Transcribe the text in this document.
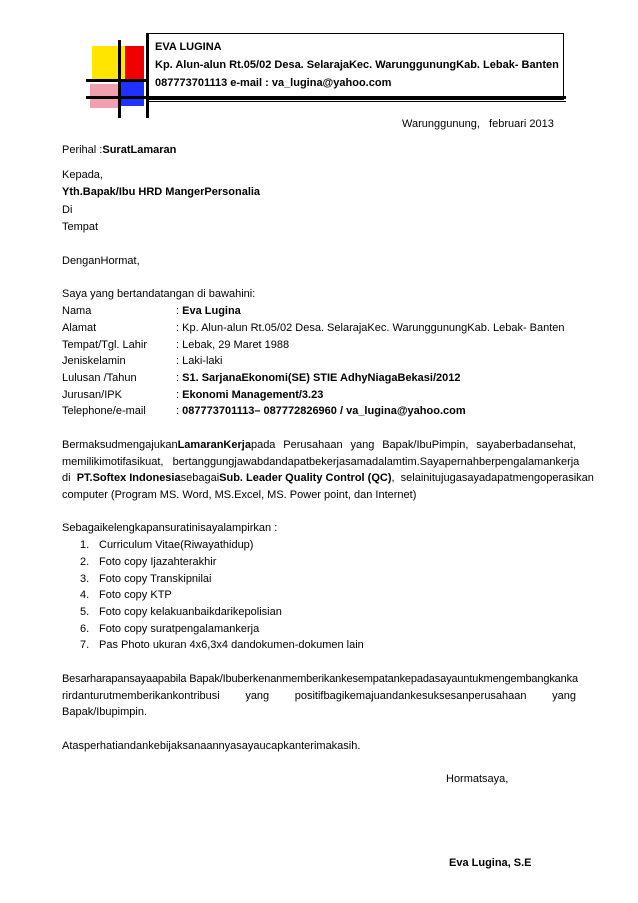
EVA LUGINA
Kp. Alun-alun Rt.05/02 Desa. SelarajaKec. WarunggunungKab. Lebak- Banten
087773701113 e-mail : va_lugina@yahoo.com
Warunggunung,   februari 2013
Perihal :SuratLamaran
Kepada,
Yth.Bapak/Ibu HRD MangerPersonalia
Di
Tempat
DenganHormat,
Saya yang bertandatangan di bawahini:
Nama	: Eva Lugina
Alamat	: Kp. Alun-alun Rt.05/02 Desa. SelarajaKec. WarunggunungKab. Lebak- Banten
Tempat/Tgl. Lahir	: Lebak, 29 Maret 1988
Jeniskelamin	: Laki-laki
Lulusan /Tahun	: S1. SarjanaEkonomi(SE) STIE AdhyNiagaBekasi/2012
Jurusan/IPK	: Ekonomi Management/3.23
Telephone/e-mail	: 087773701113– 087772826960 / va_lugina@yahoo.com
BermaksudmengajukanLamaranKerjapada Perusahaan yang Bapak/IbuPimpin, sayaberbadansehat,
memilikimotifasikuat,   bertanggungjawabdandapatbekerjasamadalamtim.Sayapernahberpengalamankerja
di  PT.Softex IndonesiasebagaiSub. Leader Quality Control (QC),  selainitujugasayadapatmengoperasikan
computer (Program MS. Word, MS.Excel, MS. Power point, dan Internet)
Sebagaikelengkapansuratinisayalampirkan :
1. Curriculum Vitae(Riwayathidup)
2. Foto copy Ijazahterakhir
3. Foto copy Transkipnilai
4. Foto copy KTP
5. Foto copy kelakuanbaikdarikepolisian
6. Foto copy suratpengalamankerja
7. Pas Photo ukuran 4x6,3x4 dandokumen-dokumen lain
Besarharapansayaapabila Bapak/Ibuberkenanmemberikankesempatankepadasayauntukmengembangkanka
rirdanturutmemberikankontribusi yang positifbagikemajuandankesuksesanperusahaan yang
Bapak/Ibupimpin.
Atasperhatiandankebijaksanaannyasayaucapkanterimakasih.
Hormatsaya,
Eva Lugina, S.E
